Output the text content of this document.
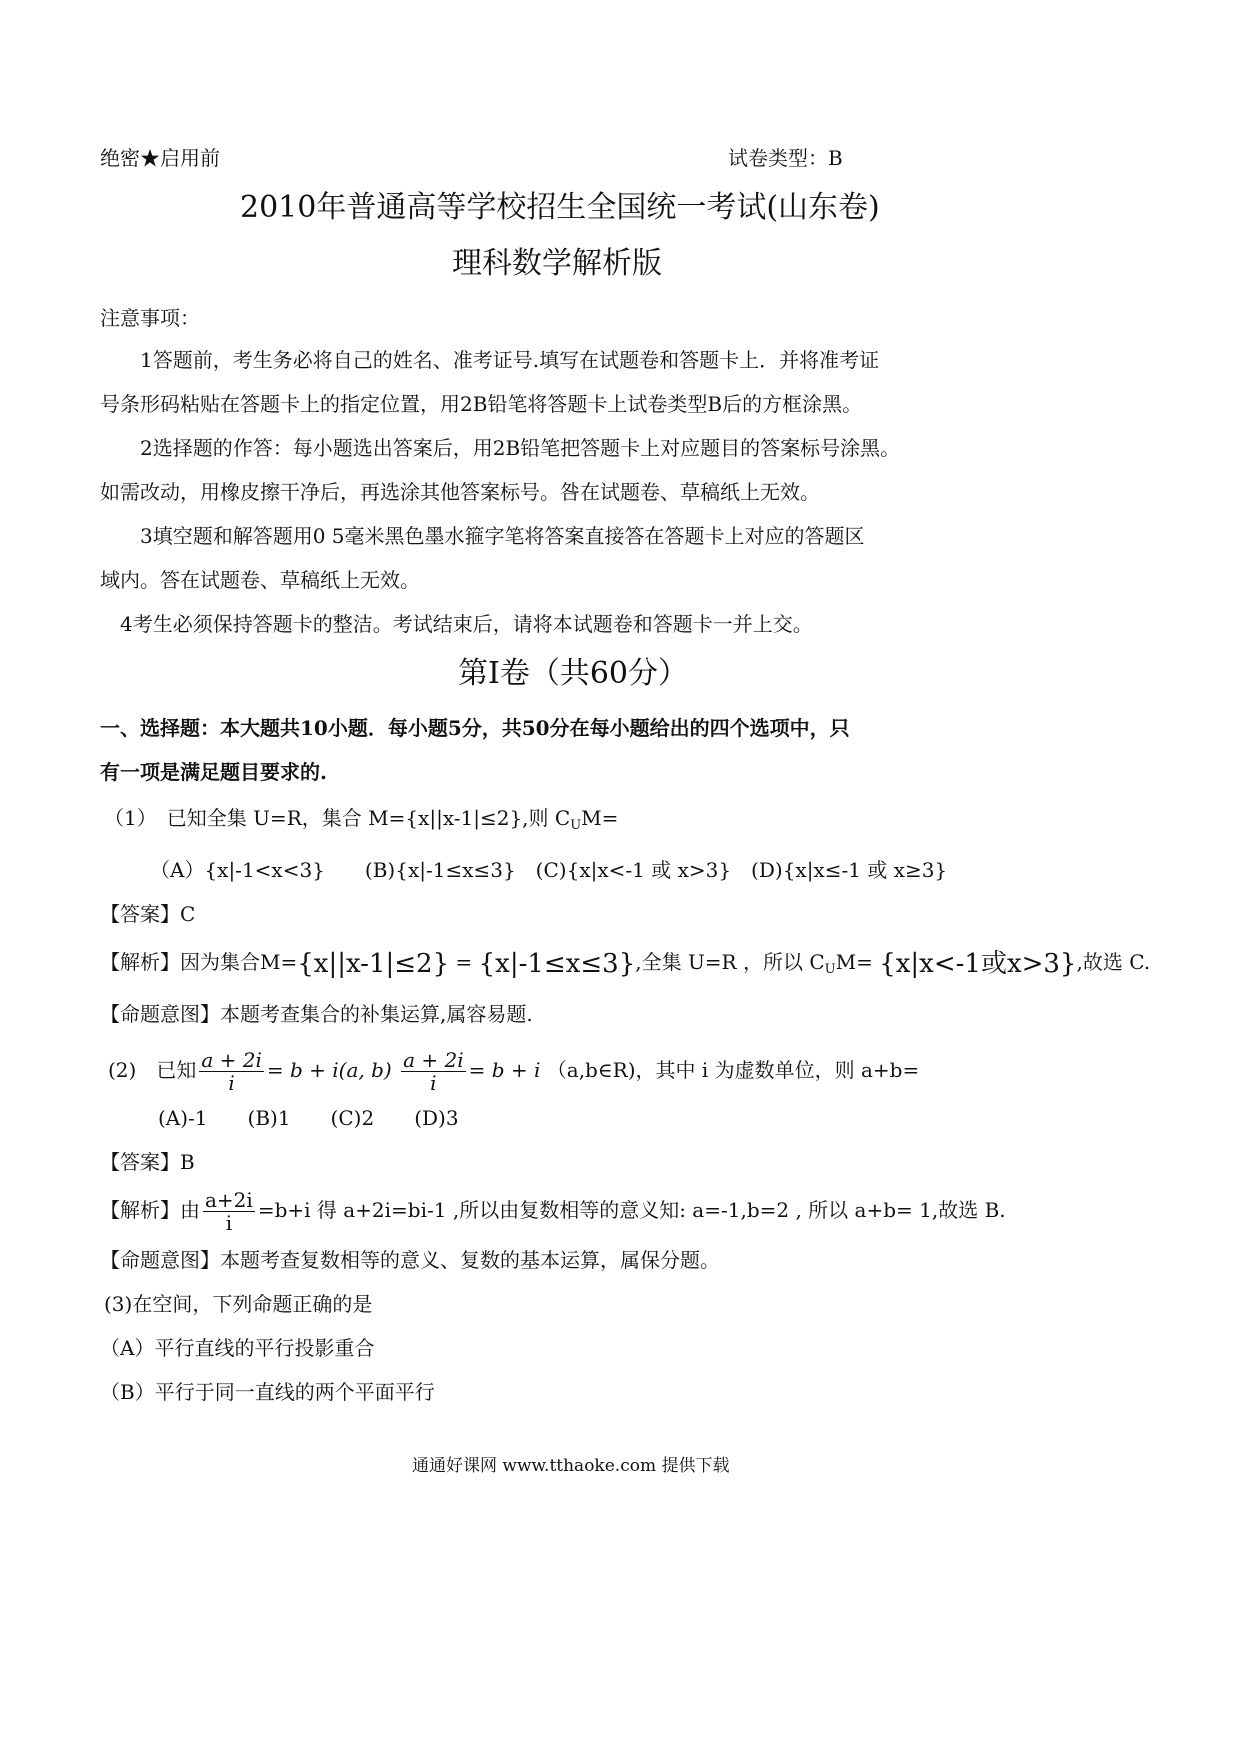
绝密★启用前	试卷类型：B
2010年普通高等学校招生全国统一考试(山东卷)
理科数学解析版
注意事项：
1答题前，考生务必将自己的姓名、准考证号.填写在试题卷和答题卡上．并将准考证
号条形码粘贴在答题卡上的指定位置，用2B铅笔将答题卡上试卷类型B后的方框涂黑。
2选择题的作答：每小题选出答案后，用2B铅笔把答题卡上对应题目的答案标号涂黑。
如需改动，用橡皮擦干净后，再选涂其他答案标号。咎在试题卷、草稿纸上无效。
3填空题和解答题用0 5毫米黑色墨水箍字笔将答案直接答在答题卡上对应的答题区
域内。答在试题卷、草稿纸上无效。
4考生必须保持答题卡的整洁。考试结束后，请将本试题卷和答题卡一并上交。
第Ⅰ卷（共60分）
一、选择题：本大题共10小题．每小题5分，共50分在每小题给出的四个选项中，只
有一项是满足题目要求的.
（1）　已知全集 U=R，集合 M={x||x-1|≤2},则 $C_UM=$
（A）{x|-1<x<3}　　(B){x|-1≤x≤3}　(C){x|x<-1 或 x>3}　(D){x|x≤-1 或 x≥3}
【答案】C
【解析】因为集合M={x||x-1|≤2} = {x|-1≤x≤3},全集 U=R ，所以 $C_UM= \{x|x<-1$或x>3},故选 C.
【命题意图】本题考查集合的补集运算,属容易题.
(2)　已知 $\frac{a + 2i}{i} = b + i(a$, $b) \frac{a + 2i}{i} = b + i$ （a,b∈R)，其中 i 为虚数单位，则 a+b=
(A)-1　　(B)1　　(C)2　　(D)3
【答案】B
【解析】由 $\frac{a+2i}{i} =b+i$ 得 a+2i=bi-1 ,所以由复数相等的意义知: a=-1,b=2 , 所以 a+b= 1,故选 B.
【命题意图】本题考查复数相等的意义、复数的基本运算，属保分题。
(3)在空间，下列命题正确的是
（A）平行直线的平行投影重合
（B）平行于同一直线的两个平面平行
通通好课网 www.tthaoke.com 提供下载
